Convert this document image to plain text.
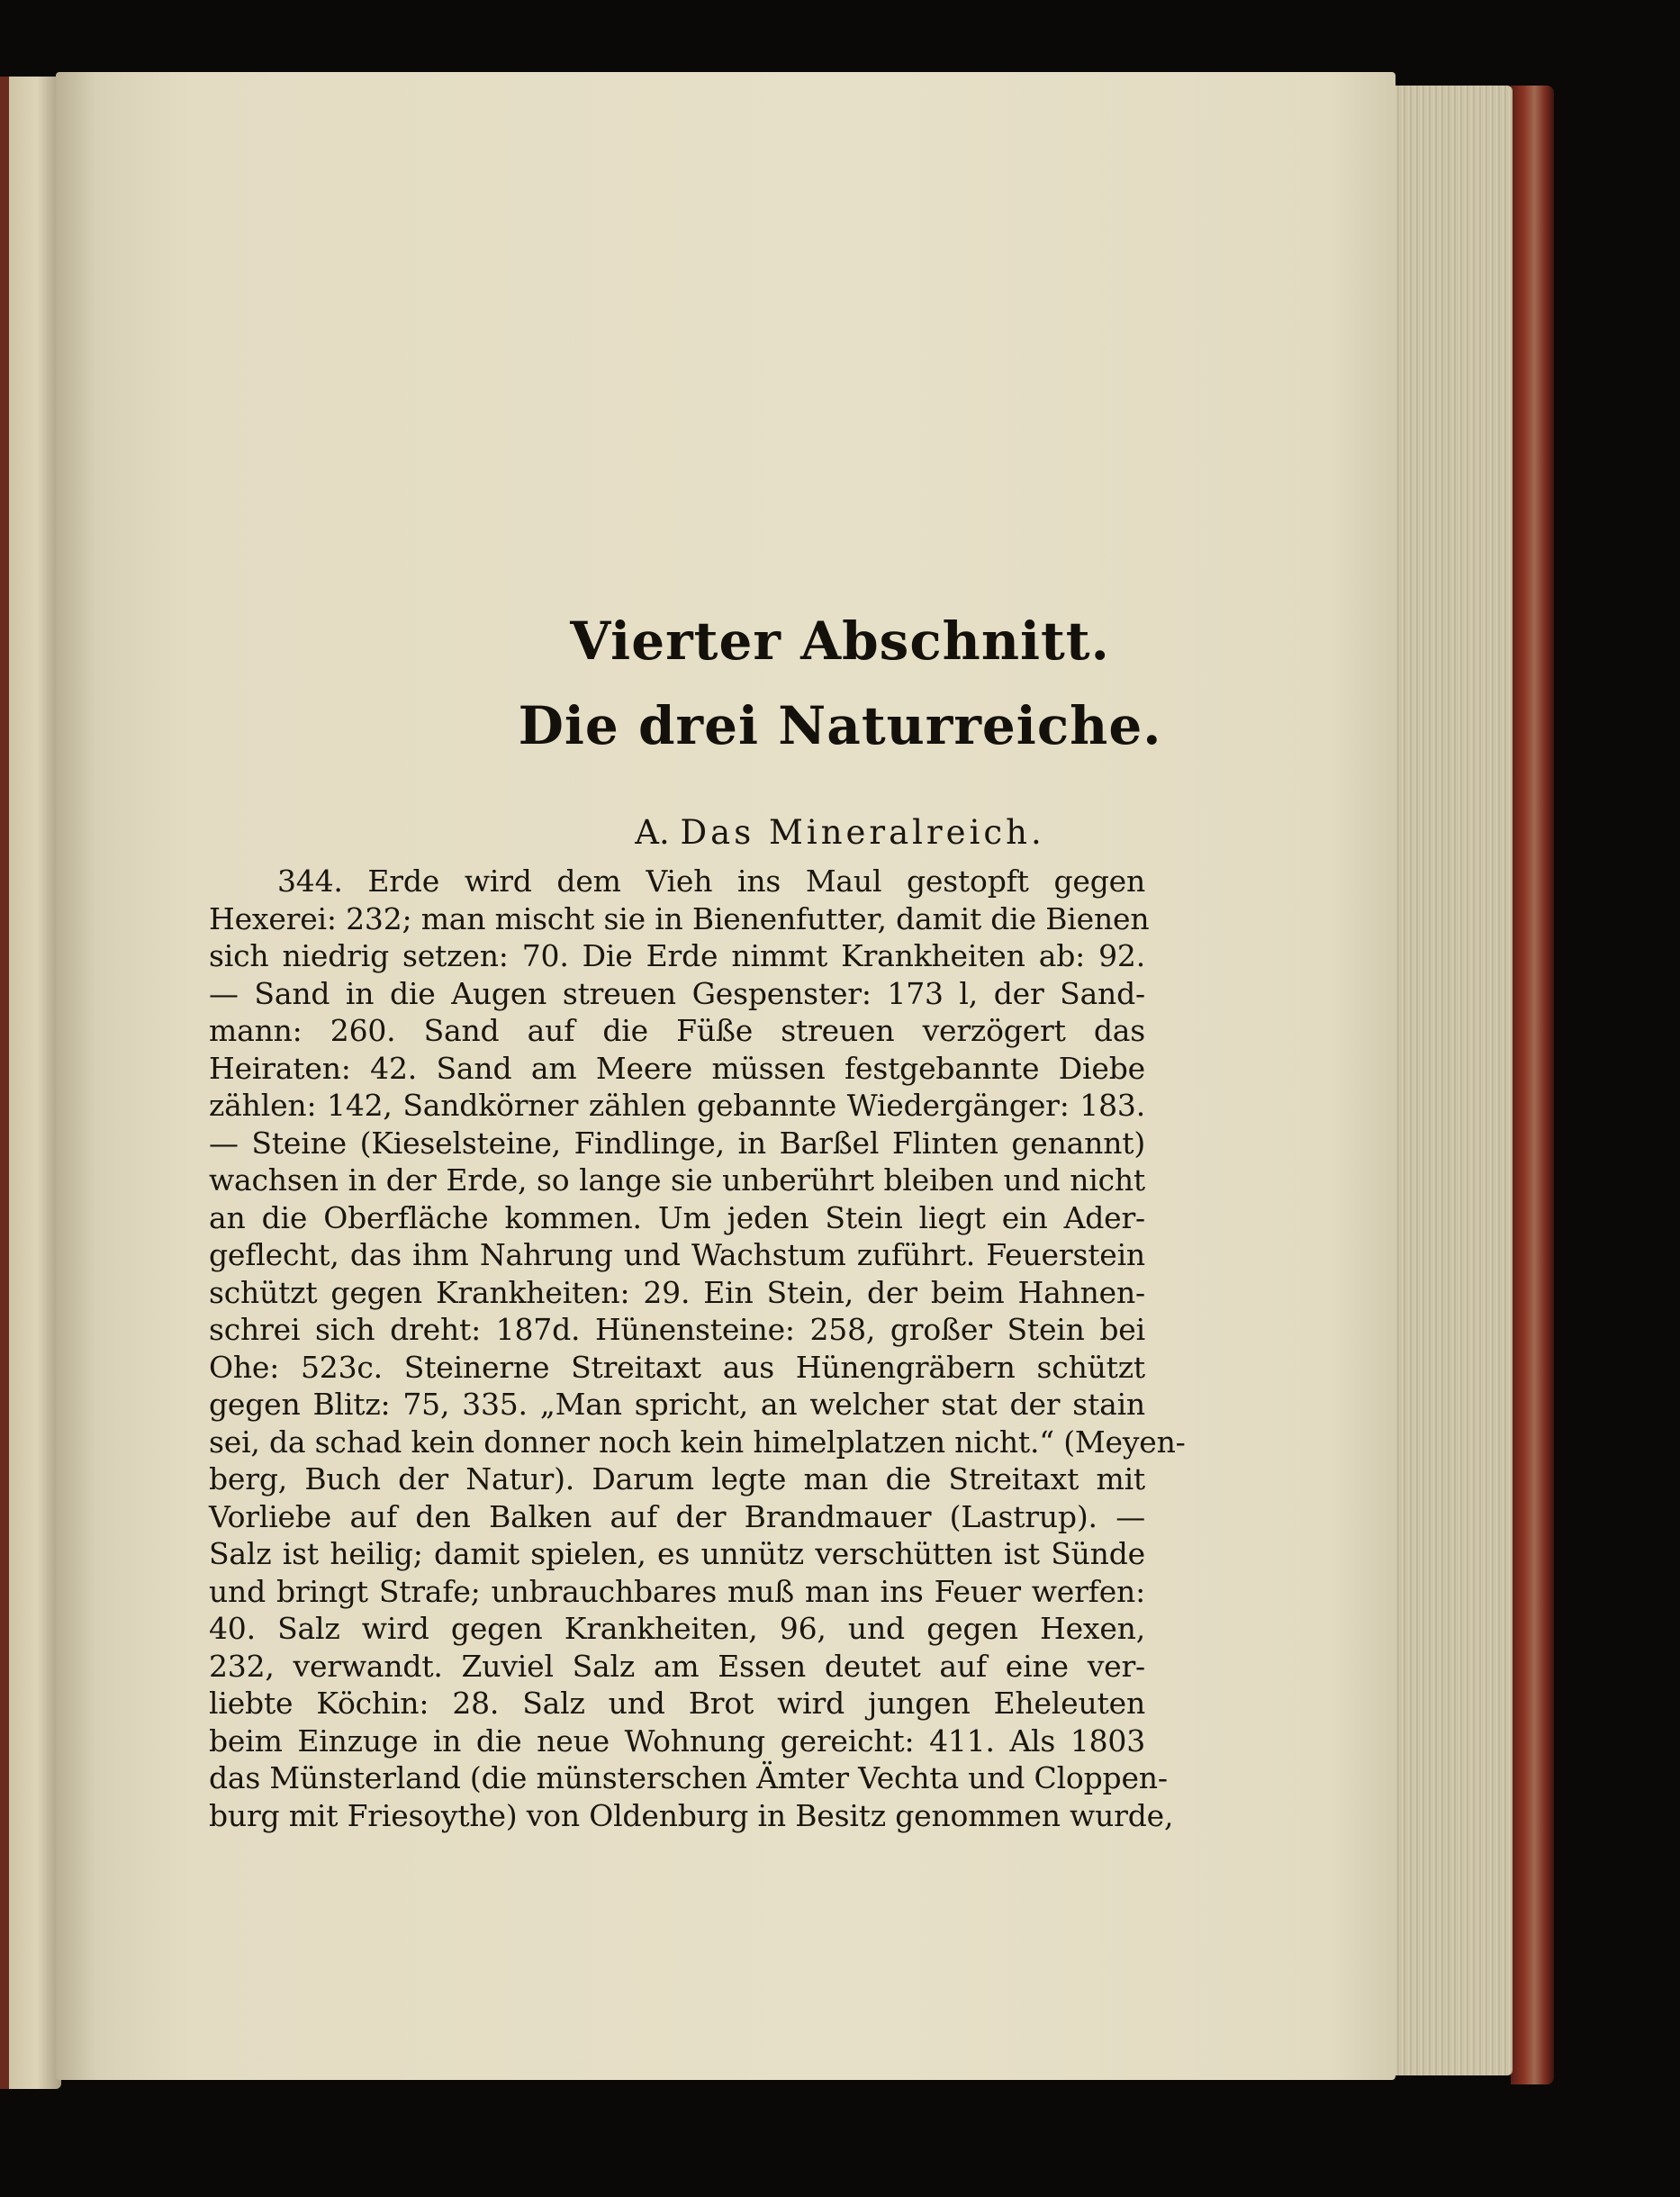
Vierter Abschnitt.
Die drei Naturreiche.
A. Das Mineralreich.
344. Erde wird dem Vieh ins Maul gestopft gegen
Hexerei: 232; man mischt sie in Bienenfutter, damit die Bienen
sich niedrig setzen: 70. Die Erde nimmt Krankheiten ab: 92.
— Sand in die Augen streuen Gespenster: 173 l, der Sand-
mann: 260. Sand auf die Füße streuen verzögert das
Heiraten: 42. Sand am Meere müssen festgebannte Diebe
zählen: 142, Sandkörner zählen gebannte Wiedergänger: 183.
— Steine (Kieselsteine, Findlinge, in Barßel Flinten genannt)
wachsen in der Erde, so lange sie unberührt bleiben und nicht
an die Oberfläche kommen. Um jeden Stein liegt ein Ader-
geflecht, das ihm Nahrung und Wachstum zuführt. Feuerstein
schützt gegen Krankheiten: 29. Ein Stein, der beim Hahnen-
schrei sich dreht: 187d. Hünensteine: 258, großer Stein bei
Ohe: 523c. Steinerne Streitaxt aus Hünengräbern schützt
gegen Blitz: 75, 335. „Man spricht, an welcher stat der stain
sei, da schad kein donner noch kein himelplatzen nicht.“ (Meyen-
berg, Buch der Natur). Darum legte man die Streitaxt mit
Vorliebe auf den Balken auf der Brandmauer (Lastrup). —
Salz ist heilig; damit spielen, es unnütz verschütten ist Sünde
und bringt Strafe; unbrauchbares muß man ins Feuer werfen:
40. Salz wird gegen Krankheiten, 96, und gegen Hexen,
232, verwandt. Zuviel Salz am Essen deutet auf eine ver-
liebte Köchin: 28. Salz und Brot wird jungen Eheleuten
beim Einzuge in die neue Wohnung gereicht: 411. Als 1803
das Münsterland (die münsterschen Ämter Vechta und Cloppen-
burg mit Friesoythe) von Oldenburg in Besitz genommen wurde,
